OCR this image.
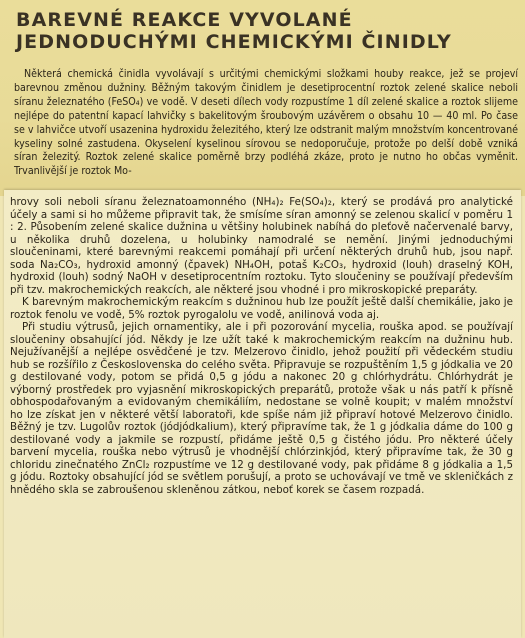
BAREVNÉ REAKCE VYVOLANÉ
JEDNODUCHÝMI CHEMICKÝMI ČINIDLY

Některá chemická činidla vyvolávají s určitými chemickými složkami houby reakce, jež se projeví barevnou změnou dužniny. Běžným takovým činidlem je desetiprocentní roztok zelené skalice neboli síranu železnatého (FeSO₄) ve vodě. V deseti dílech vody rozpustíme 1 díl zelené skalice a roztok slijeme nejlépe do patentní kapací lahvičky s bakelitovým šroubovým uzávěrem o obsahu 10 — 40 ml. Po čase se v lahvičce utvoří usazenina hydroxidu železitého, který lze odstranit malým množstvím koncentrované kyseliny solné zastudena. Okyselení kyselinou sírovou se nedoporučuje, protože po delší době vzniká síran železitý. Roztok zelené skalice poměrně brzy podléhá zkáze, proto je nutno ho občas vyměnit. Trvanlivější je roztok Mo-

hrovy soli neboli síranu železnatoamonného (NH₄)₂ Fe(SO₄)₂, který se prodává pro analytické účely a sami si ho můžeme připravit tak, že smísíme síran amonný se zelenou skalicí v poměru 1 : 2. Působením zelené skalice dužnina u většiny holubinek nabíhá do pleťově načervenalé barvy, u několika druhů dozelena, u holubinky namodralé se nemění. Jinými jednoduchými sloučeninami, které barevnými reakcemi pomáhají při určení některých druhů hub, jsou např. soda Na₂CO₃, hydroxid amonný (čpavek) NH₄OH, potaš K₂CO₃, hydroxid (louh) draselný KOH, hydroxid (louh) sodný NaOH v desetiprocentním roztoku. Tyto sloučeniny se používají především při tzv. makrochemických reakcích, ale některé jsou vhodné i pro mikroskopické preparáty.

K barevným makrochemickým reakcím s dužninou hub lze použít ještě další chemikálie, jako je roztok fenolu ve vodě, 5% roztok pyrogalolu ve vodě, anilinová voda aj.

Při studiu výtrusů, jejich ornamentiky, ale i při pozorování mycelia, rouška apod. se používají sloučeniny obsahující jód. Někdy je lze užít také k makrochemickým reakcím na dužninu hub. Nejužívanější a nejlépe osvědčené je tzv. Melzerovo činidlo, jehož použití při vědeckém studiu hub se rozšířilo z Československa do celého světa. Připravuje se rozpuštěním 1,5 g jódkalia ve 20 g destilované vody, potom se přidá 0,5 g jódu a nakonec 20 g chlórhydrátu. Chlórhydrát je výborný prostředek pro vyjasnění mikroskopických preparátů, protože však u nás patří k přísně obhospodařovaným a evidovaným chemikáliím, nedostane se volně koupit; v malém množství ho lze získat jen v některé větší laboratoři, kde spíše nám již připraví hotové Melzerovo činidlo. Běžný je tzv. Lugolův roztok (jódjódkalium), který připravíme tak, že 1 g jódkalia dáme do 100 g destilované vody a jakmile se rozpustí, přidáme ještě 0,5 g čistého jódu. Pro některé účely barvení mycelia, rouška nebo výtrusů je vhodnější chlórzinkjód, který připravíme tak, že 30 g chloridu zinečnatého ZnCl₂ rozpustíme ve 12 g destilované vody, pak přidáme 8 g jódkalia a 1,5 g jódu. Roztoky obsahující jód se světlem porušují, a proto se uchovávají ve tmě ve skleničkách z hnědého skla se zabroušenou skleněnou zátkou, neboť korek se časem rozpadá.
